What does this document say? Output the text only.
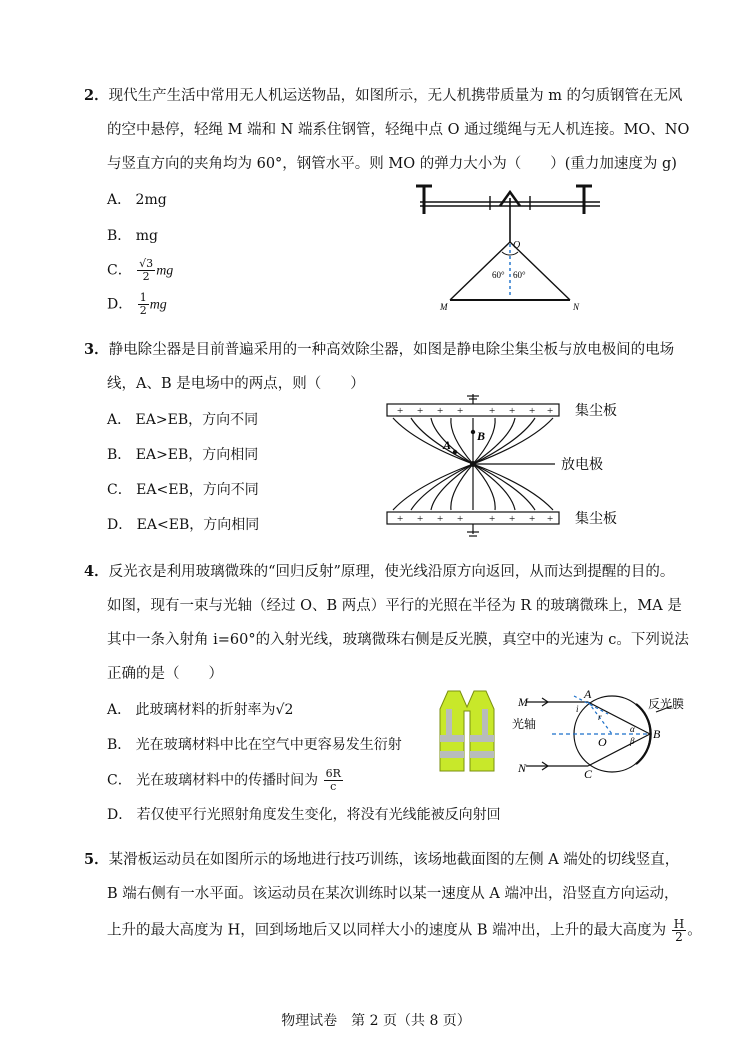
2．现代生产生活中常用无人机运送物品，如图所示，无人机携带质量为 m 的匀质钢管在无风
的空中悬停，轻绳 M 端和 N 端系住钢管，轻绳中点 O 通过缆绳与无人机连接。MO、NO
与竖直方向的夹角均为 60°，钢管水平。则 MO 的弹力大小为（　　）(重力加速度为 g)
A． 2mg
B． mg
C． $\frac{√3}{2}$ mg
D． $\frac{1}{2}$ mg
O
60° 60°
M	N
3．静电除尘器是目前普遍采用的一种高效除尘器，如图是静电除尘集尘板与放电极间的电场
线，A、B 是电场中的两点，则（　　）
A． EA>EB，方向不同
B． EA>EB，方向相同
C． EA<EB，方向不同
D． EA<EB，方向相同
+ + + + + + + +
+ + + + + + + +
A
B
集尘板
放电极
集尘板
4．反光衣是利用玻璃微珠的“回归反射”原理，使光线沿原方向返回，从而达到提醒的目的。
如图，现有一束与光轴（经过 O、B 两点）平行的光照在半径为 R 的玻璃微珠上，MA 是
其中一条入射角 i=60°的入射光线，玻璃微珠右侧是反光膜，真空中的光速为 c。下列说法
正确的是（　　）
A． 此玻璃材料的折射率为√2
B． 光在玻璃材料中比在空气中更容易发生衍射
C． 光在玻璃材料中的传播时间为 $\frac{6R}{c}$
D． 若仅使平行光照射角度发生变化，将没有光线能被反向射回
M
A
i
r
光轴
O
α
β B
N	C
反光膜
5．某滑板运动员在如图所示的场地进行技巧训练，该场地截面图的左侧 A 端处的切线竖直，
B 端右侧有一水平面。该运动员在某次训练时以某一速度从 A 端冲出，沿竖直方向运动，
上升的最大高度为 H，回到场地后又以同样大小的速度从 B 端冲出，上升的最大高度为 $\frac{H}{2}$ 。
物理试卷　第 2 页（共 8 页）
